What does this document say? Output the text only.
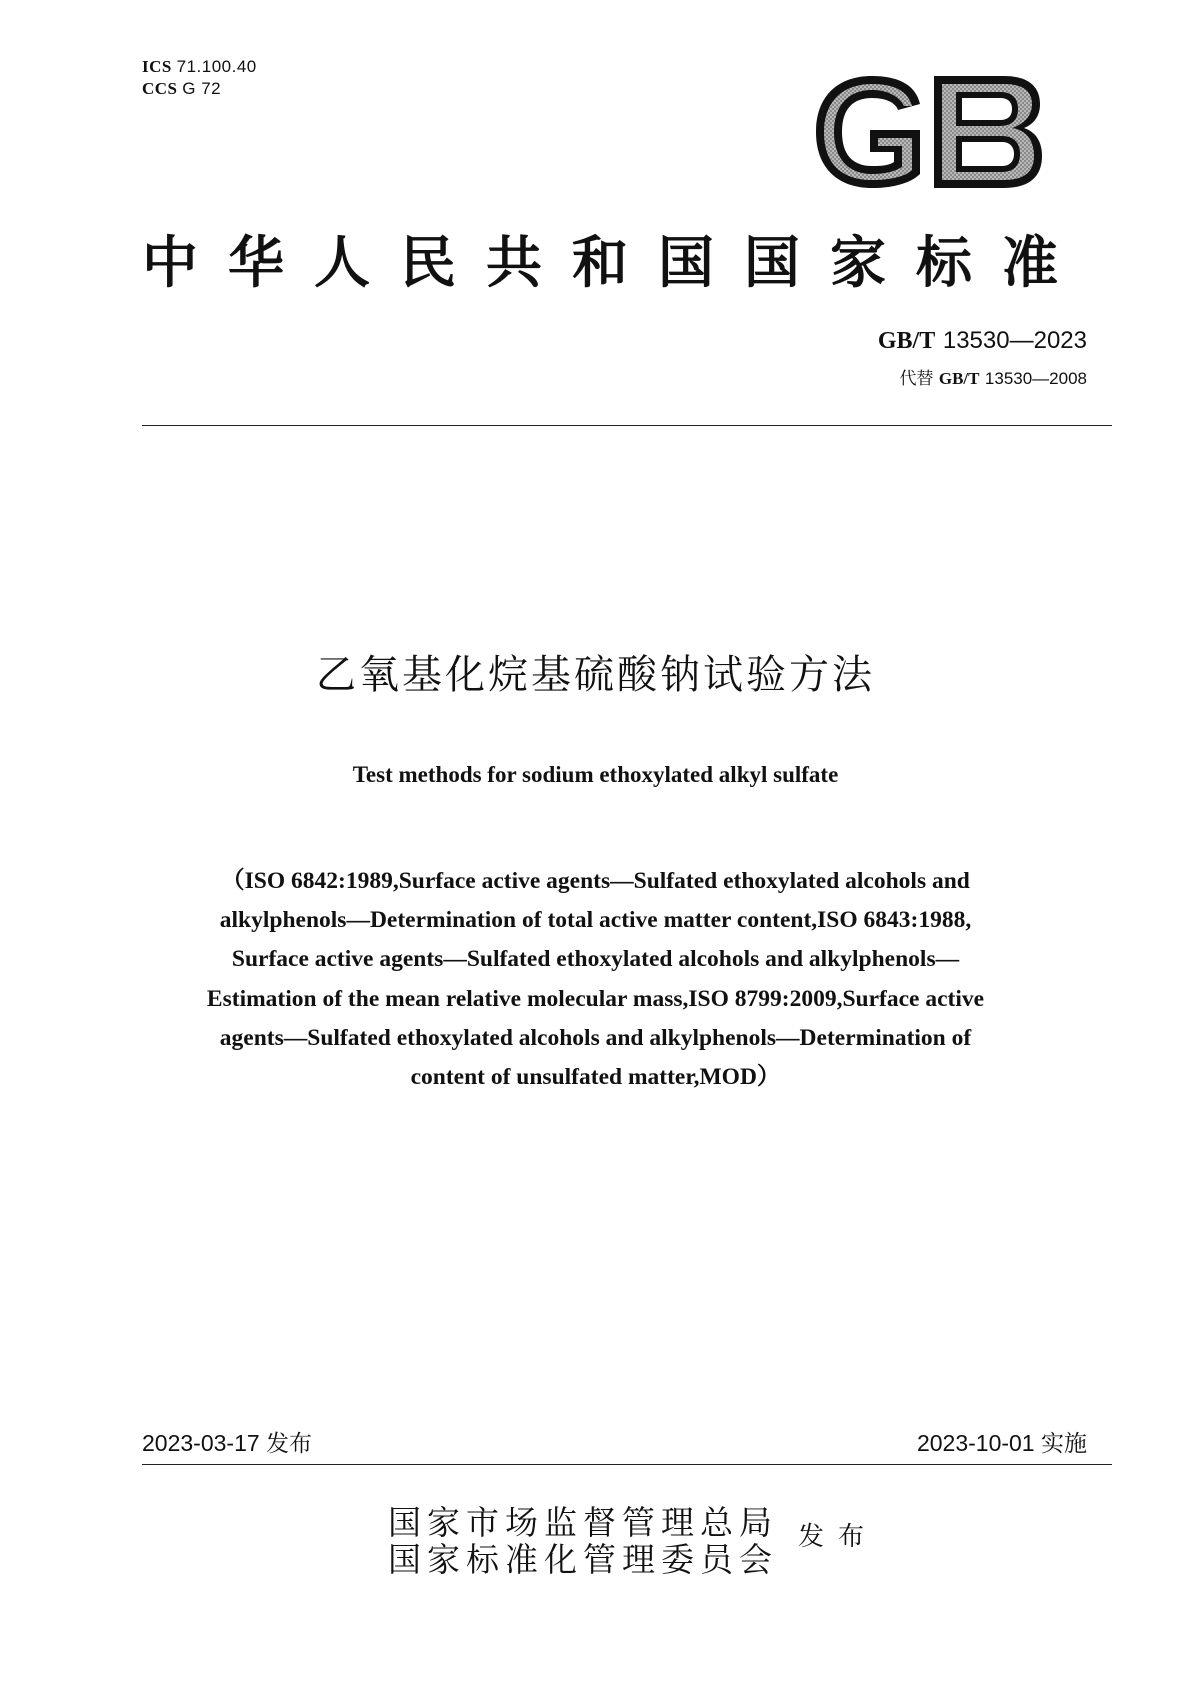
ICS 71.100.40
CCS G 72
中华人民共和国国家标准
GB/T 13530—2023
代替 GB/T 13530—2008
乙氧基化烷基硫酸钠试验方法
Test methods for sodium ethoxylated alkyl sulfate
（ISO 6842:1989,Surface active agents—Sulfated ethoxylated alcohols and
alkylphenols—Determination of total active matter content,ISO 6843:1988,
Surface active agents—Sulfated ethoxylated alcohols and alkylphenols—
Estimation of the mean relative molecular mass,ISO 8799:2009,Surface active
agents—Sulfated ethoxylated alcohols and alkylphenols—Determination of
content of unsulfated matter,MOD）
2023-03-17 发布	2023-10-01 实施
国家市场监督管理总局
国家标准化管理委员会
发布
